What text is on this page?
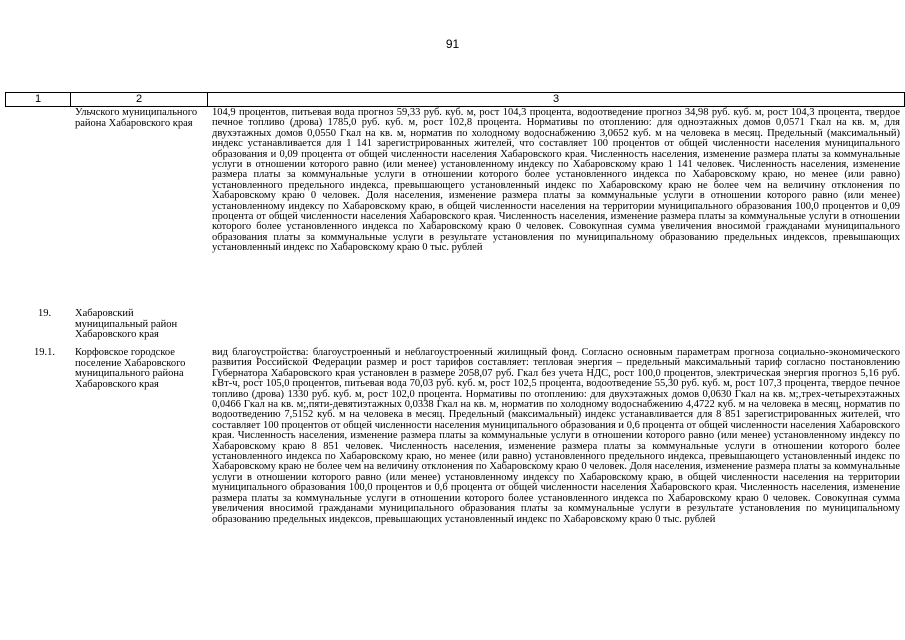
91
1	2	3
Ульчского муниципального района Хабаровского края
104,9 процентов, питьевая вода прогноз 59,33 руб. куб. м, рост 104,3 процента, водоотведение прогноз 34,98 руб. куб. м, рост 104,3 процента, твердое печное топливо (дрова) 1785,0 руб. куб. м, рост 102,8 процента. Нормативы по отоплению: для одноэтажных домов 0,0571 Гкал на кв. м, для двухэтажных домов 0,0550 Гкал на кв. м, норматив по холодному водоснабжению 3,0652 куб. м на человека в месяц. Предельный (максимальный) индекс устанавливается для 1 141 зарегистрированных жителей, что составляет 100 процентов от общей численности населения муниципального образования и 0,09 процента от общей численности населения Хабаровского края. Численность населения, изменение размера платы за коммунальные услуги в отношении которого равно (или менее) установленному индексу по Хабаровскому краю 1 141 человек. Численность населения, изменение размера платы за коммунальные услуги в отношении которого более установленного индекса по Хабаровскому краю, но менее (или равно) установленного предельного индекса, превышающего установленный индекс по Хабаровскому краю не более чем на величину отклонения по Хабаровскому краю 0 человек. Доля населения, изменение размера платы за коммунальные услуги в отношении которого равно (или менее) установленному индексу по Хабаровскому краю, в общей численности населения на территории муниципального образования 100,0 процентов и 0,09 процента от общей численности населения Хабаровского края. Численность населения, изменение размера платы за коммунальные услуги в отношении которого более установленного индекса по Хабаровскому краю 0 человек. Совокупная сумма увеличения вносимой гражданами муниципального образования платы за коммунальные услуги в результате установления по муниципальному образованию предельных индексов, превышающих установленный индекс по Хабаровскому краю 0 тыс. рублей
19. Хабаровский муниципальный район Хабаровского края
19.1. Корфовское городское поселение Хабаровского муниципального района Хабаровского края
вид благоустройства: благоустроенный и неблагоустроенный жилищный фонд. Согласно основным параметрам прогноза социально-экономического развития Российской Федерации размер и рост тарифов составляет: тепловая энергия – предельный максимальный тариф согласно постановлению Губернатора Хабаровского края установлен в размере 2058,07 руб. Гкал без учета НДС, рост 100,0 процентов, электрическая энергия прогноз 5,16 руб. кВт-ч, рост 105,0 процентов, питьевая вода 70,03 руб. куб. м, рост 102,5 процента, водоотведение 55,30 руб. куб. м, рост 107,3 процента, твердое печное топливо (дрова) 1330 руб. куб. м, рост 102,0 процента. Нормативы по отоплению: для двухэтажных домов 0,0630 Гкал на кв. м;,трех-четырехэтажных 0,0466 Гкал на кв. м;,пяти-девятиэтажных 0,0338 Гкал на кв. м, норматив по холодному водоснабжению 4,4722 куб. м на человека в месяц, норматив по водоотведению 7,5152 куб. м на человека в месяц. Предельный (максимальный) индекс устанавливается для 8 851 зарегистрированных жителей, что составляет 100 процентов от общей численности населения муниципального образования и 0,6 процента от общей численности населения Хабаровского края. Численность населения, изменение размера платы за коммунальные услуги в отношении которого равно (или менее) установленному индексу по Хабаровскому краю 8 851 человек. Численность населения, изменение размера платы за коммунальные услуги в отношении которого более установленного индекса по Хабаровскому краю, но менее (или равно) установленного предельного индекса, превышающего установленный индекс по Хабаровскому краю не более чем на величину отклонения по Хабаровскому краю 0 человек. Доля населения, изменение размера платы за коммунальные услуги в отношении которого равно (или менее) установленному индексу по Хабаровскому краю, в общей численности населения на территории муниципального образования 100,0 процентов и 0,6 процента от общей численности населения Хабаровского края. Численность населения, изменение размера платы за коммунальные услуги в отношении которого более установленного индекса по Хабаровскому краю 0 человек. Совокупная сумма увеличения вносимой гражданами муниципального образования платы за коммунальные услуги в результате установления по муниципальному образованию предельных индексов, превышающих установленный индекс по Хабаровскому краю 0 тыс. рублей
